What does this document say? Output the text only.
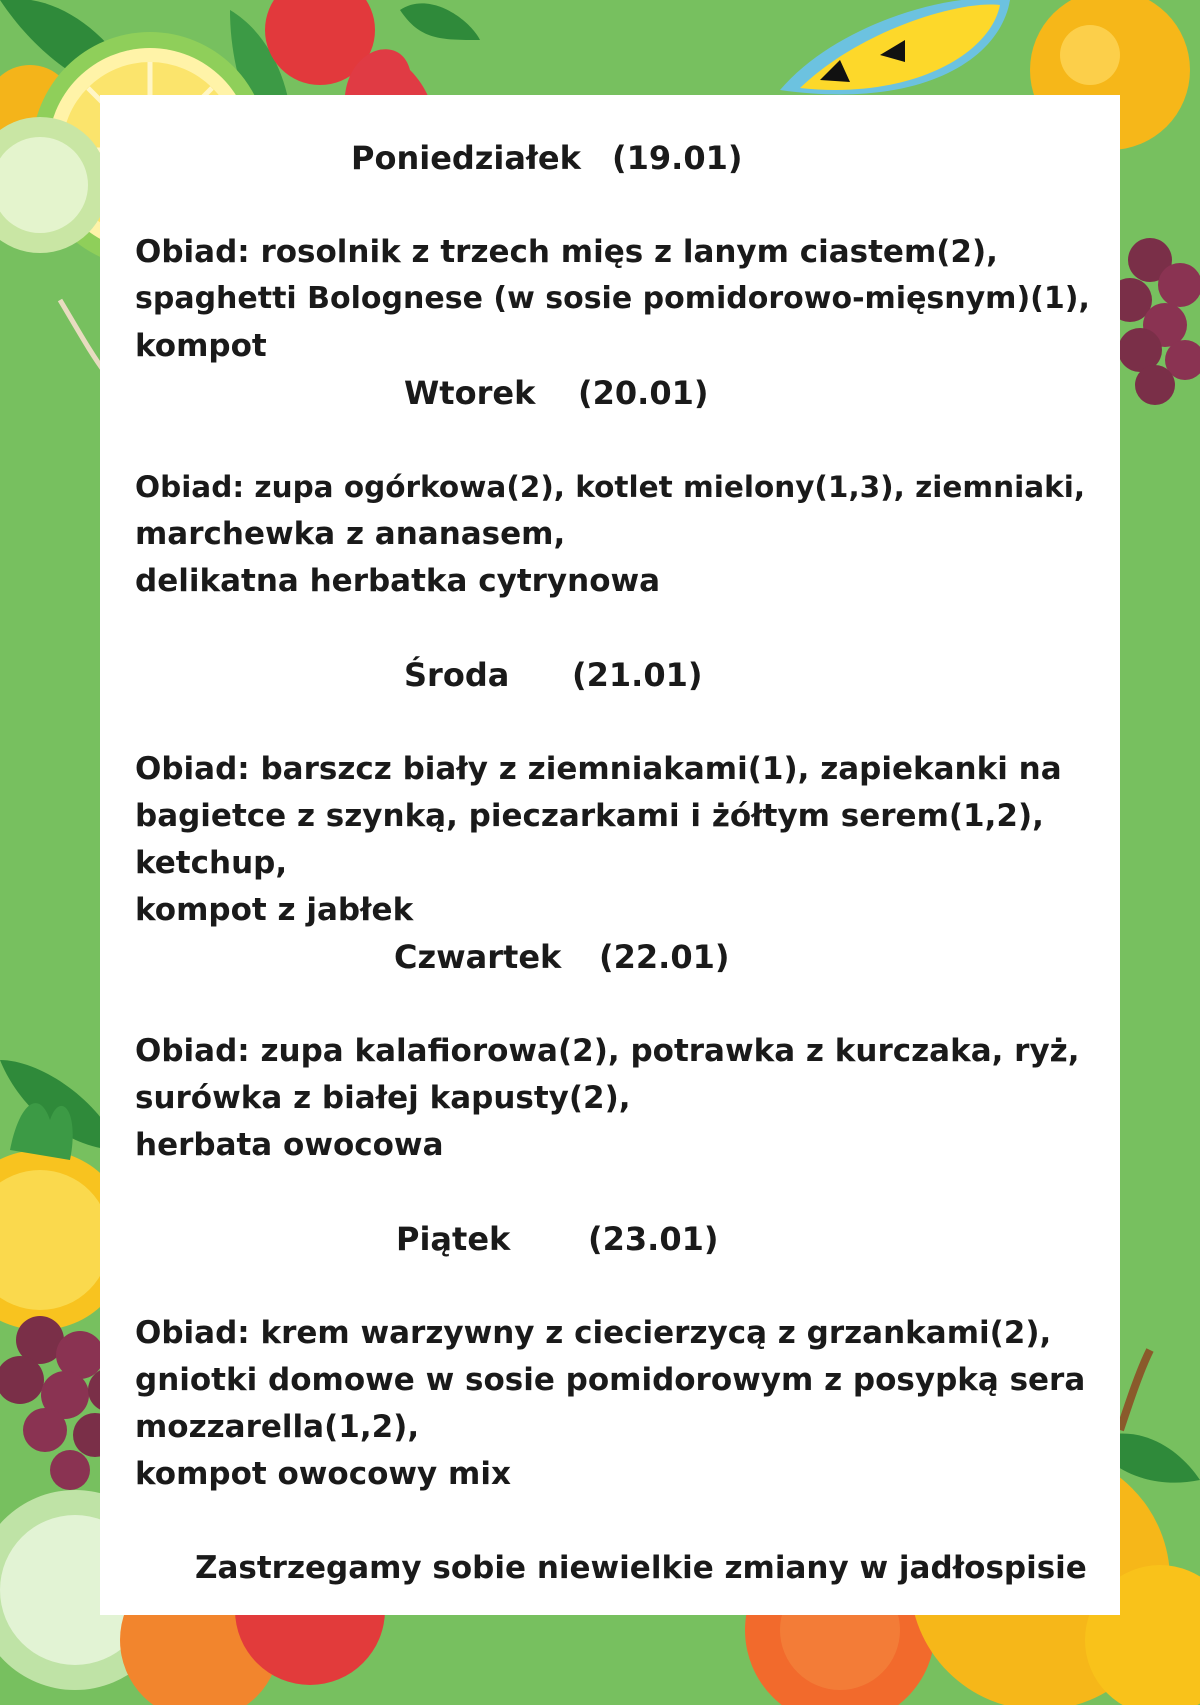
Poniedziałek (19.01)

Obiad: rosolnik z trzech mięs z lanym ciastem(2),

spaghetti Bolognese (w sosie pomidorowo-mięsnym)(1),

kompot

Wtorek (20.01)

Obiad: zupa ogórkowa(2), kotlet mielony(1,3), ziemniaki,

marchewka z ananasem,

delikatna herbatka cytrynowa

Środa (21.01)

Obiad: barszcz biały z ziemniakami(1), zapiekanki na

bagietce z szynką, pieczarkami i żółtym serem(1,2),

ketchup,

kompot z jabłek

Czwartek (22.01)

Obiad: zupa kalafiorowa(2), potrawka z kurczaka, ryż,

surówka z białej kapusty(2),

herbata owocowa

Piątek (23.01)

Obiad: krem warzywny z ciecierzycą z grzankami(2),

gniotki domowe w sosie pomidorowym z posypką sera

mozzarella(1,2),

kompot owocowy mix

Zastrzegamy sobie niewielkie zmiany w jadłospisie
